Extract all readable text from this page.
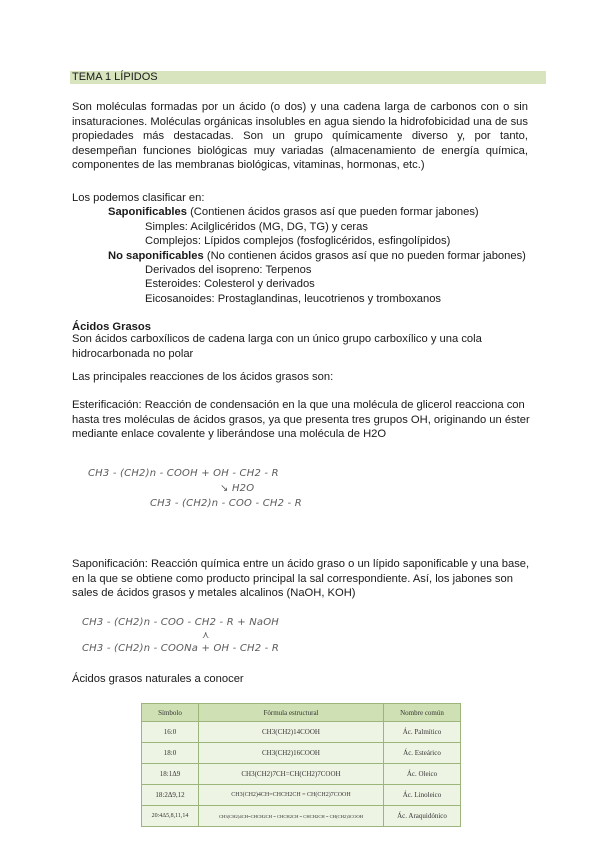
TEMA 1 LÍPIDOS
Son moléculas formadas por un ácido (o dos) y una cadena larga de carbonos con o sin insaturaciones. Moléculas orgánicas insolubles en agua siendo la hidrofobicidad una de sus propiedades más destacadas. Son un grupo químicamente diverso y, por tanto, desempeñan funciones biológicas muy variadas (almacenamiento de energía química, componentes de las membranas biológicas, vitaminas, hormonas, etc.)
Los podemos clasificar en:
Saponificables (Contienen ácidos grasos así que pueden formar jabones)
Simples: Acilglicéridos (MG, DG, TG) y ceras
Complejos: Lípidos complejos (fosfoglicéridos, esfingolípidos)
No saponificables (No contienen ácidos grasos así que no pueden formar jabones)
Derivados del isopreno: Terpenos
Esteroides: Colesterol y derivados
Eicosanoides: Prostaglandinas, leucotrienos y tromboxanos
Ácidos Grasos
Son ácidos carboxílicos de cadena larga con un único grupo carboxílico y una cola hidrocarbonada no polar
Las principales reacciones de los ácidos grasos son:
Esterificación: Reacción de condensación en la que una molécula de glicerol reacciona con hasta tres moléculas de ácidos grasos, ya que presenta tres grupos OH, originando un éster mediante enlace covalente y liberándose una molécula de H2O
CH3 - (CH2)n - COOH + OH - CH2 - R
↘ H2O
CH3 - (CH2)n - COO - CH2 - R
Saponificación: Reacción química entre un ácido graso o un lípido saponificable y una base, en la que se obtiene como producto principal la sal correspondiente. Así, los jabones son sales de ácidos grasos y metales alcalinos (NaOH, KOH)
CH3 - (CH2)n - COO - CH2 - R + NaOH
⋏
CH3 - (CH2)n - COONa + OH - CH2 - R
Ácidos grasos naturales a conocer
Símbolo	Fórmula estructural	Nombre común
16:0	CH3(CH2)14COOH	Ác. Palmítico
18:0	CH3(CH2)16COOH	Ác. Esteárico
18:1Δ9	CH3(CH2)7CH=CH(CH2)7COOH	Ác. Oleico
18:2Δ9,12	CH3(CH2)4CH=CHCH2CH = CH(CH2)7COOH	Ác. Linoleico
20:4Δ5,8,11,14	CH3(CH2)4CH=CHCH2CH = CHCH2CH = CHCH2CH = CH(CH2)3COOH	Ác. Araquidónico
